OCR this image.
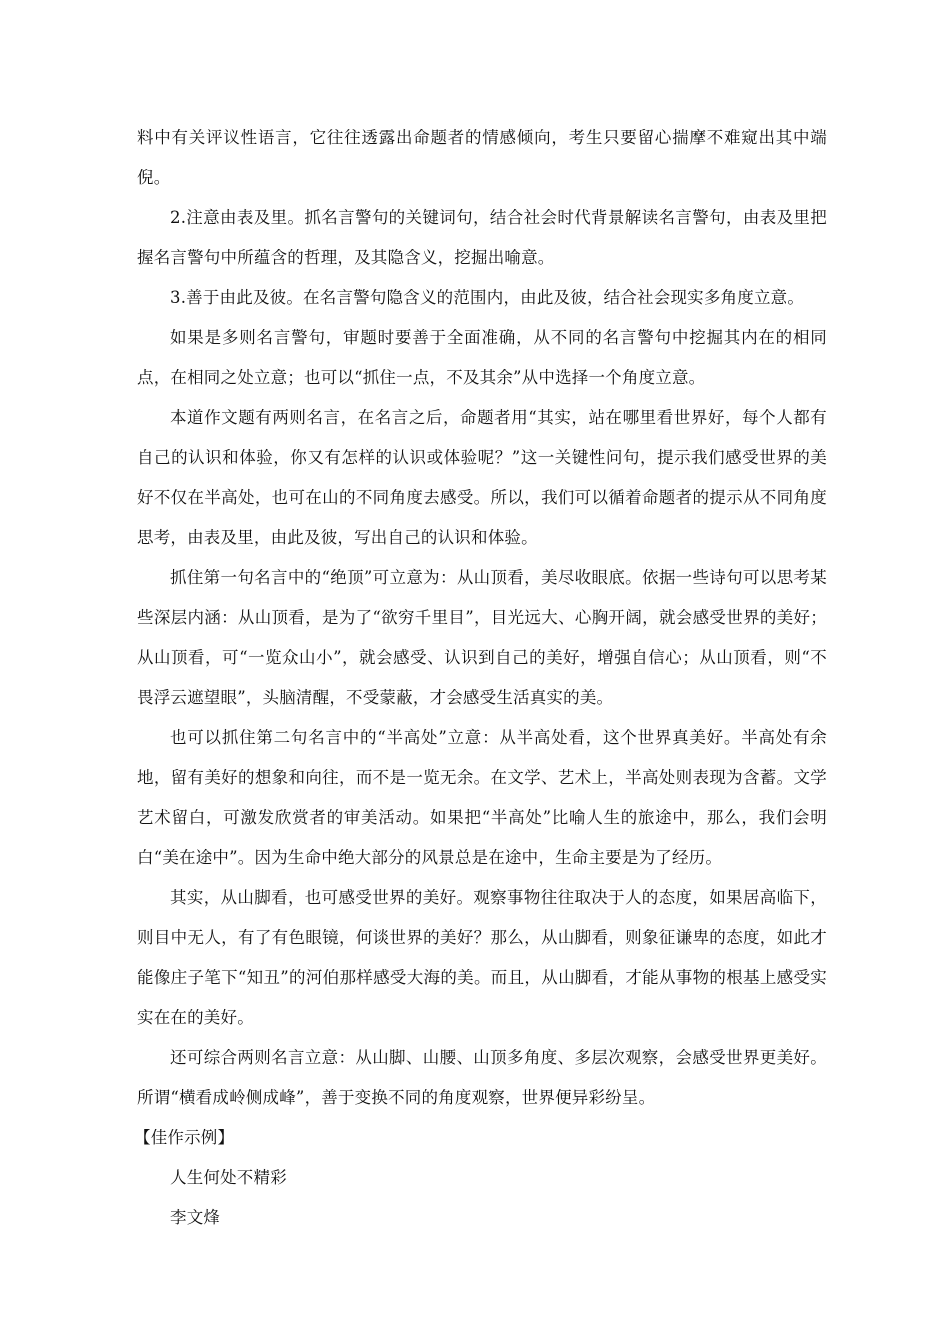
料中有关评议性语言，它往往透露出命题者的情感倾向，考生只要留心揣摩不难窥出其中端倪。

2.注意由表及里。抓名言警句的关键词句，结合社会时代背景解读名言警句，由表及里把握名言警句中所蕴含的哲理，及其隐含义，挖掘出喻意。

3.善于由此及彼。在名言警句隐含义的范围内，由此及彼，结合社会现实多角度立意。

如果是多则名言警句，审题时要善于全面准确，从不同的名言警句中挖掘其内在的相同点，在相同之处立意；也可以“抓住一点，不及其余”从中选择一个角度立意。

本道作文题有两则名言，在名言之后，命题者用“其实，站在哪里看世界好，每个人都有自己的认识和体验，你又有怎样的认识或体验呢？”这一关键性问句，提示我们感受世界的美好不仅在半高处，也可在山的不同角度去感受。所以，我们可以循着命题者的提示从不同角度思考，由表及里，由此及彼，写出自己的认识和体验。

抓住第一句名言中的“绝顶”可立意为：从山顶看，美尽收眼底。依据一些诗句可以思考某些深层内涵：从山顶看，是为了“欲穷千里目”，目光远大、心胸开阔，就会感受世界的美好；从山顶看，可“一览众山小”，就会感受、认识到自己的美好，增强自信心；从山顶看，则“不畏浮云遮望眼”，头脑清醒，不受蒙蔽，才会感受生活真实的美。

也可以抓住第二句名言中的“半高处”立意：从半高处看，这个世界真美好。半高处有余地，留有美好的想象和向往，而不是一览无余。在文学、艺术上，半高处则表现为含蓄。文学艺术留白，可激发欣赏者的审美活动。如果把“半高处”比喻人生的旅途中，那么，我们会明白“美在途中”。因为生命中绝大部分的风景总是在途中，生命主要是为了经历。

其实，从山脚看，也可感受世界的美好。观察事物往往取决于人的态度，如果居高临下，则目中无人，有了有色眼镜，何谈世界的美好？那么，从山脚看，则象征谦卑的态度，如此才能像庄子笔下“知丑”的河伯那样感受大海的美。而且，从山脚看，才能从事物的根基上感受实实在在的美好。

还可综合两则名言立意：从山脚、山腰、山顶多角度、多层次观察，会感受世界更美好。所谓“横看成岭侧成峰”，善于变换不同的角度观察，世界便异彩纷呈。

【佳作示例】

人生何处不精彩

李文烽
